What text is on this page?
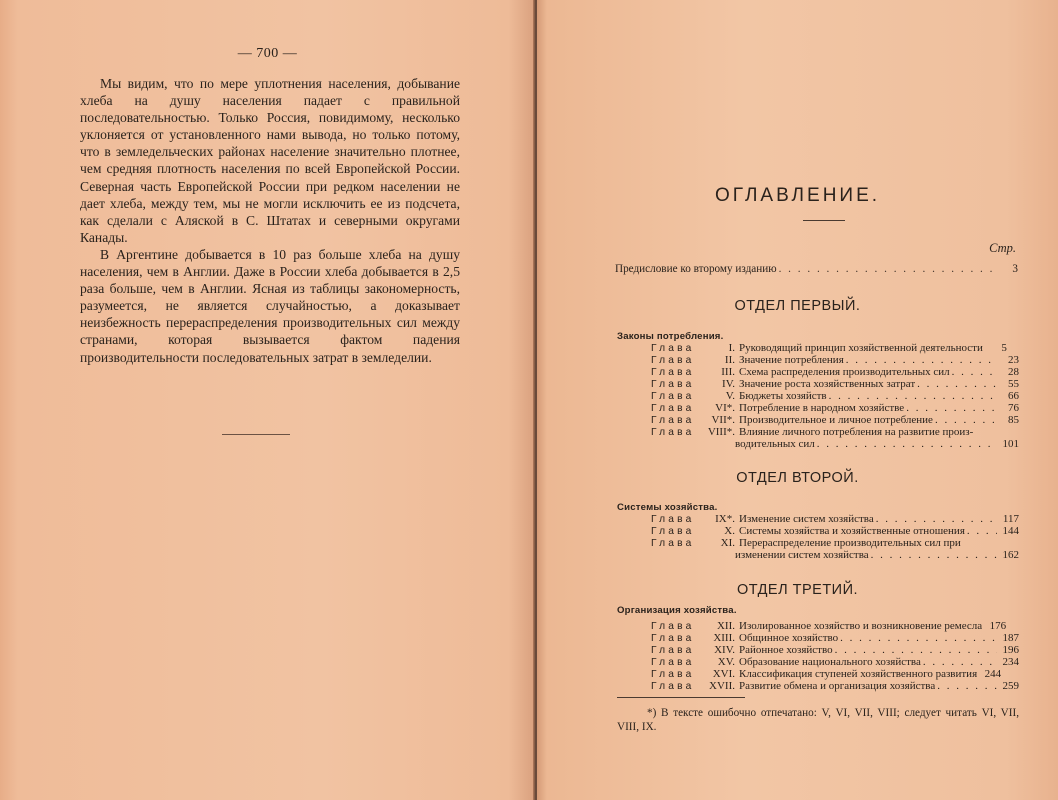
— 700 —

Мы видим, что по мере уплотнения населения, добывание хлеба на душу населения падает с правильной последовательностью. Только Россия, повидимому, несколько уклоняется от установленного нами вывода, но только потому, что в земледельческих районах население значительно плотнее, чем средняя плотность населения по всей Европейской России. Северная часть Европейской России при редком населении не дает хлеба, между тем, мы не могли исключить ее из подсчета, как сделали с Аляской в С. Штатах и северными округами Канады.

В Аргентине добывается в 10 раз больше хлеба на душу населения, чем в Англии. Даже в России хлеба добывается в 2,5 раза больше, чем в Англии. Ясная из таблицы закономерность, разумеется, не является случайностью, а доказывает неизбежность перераспределения производительных сил между странами, которая вызывается фактом падения производительности последовательных затрат в земледелии.

ОГЛАВЛЕНИЕ.
Стр.
Предисловие ко второму изданию . . .	3
ОТДЕЛ ПЕРВЫЙ.
Законы потребления.
Глава	I. Руководящий принцип хозяйственной деятельности	5
Глава	II. Значение потребления . . .	23
Глава	III. Схема распределения производительных сил . . .	28
Глава	IV. Значение роста хозяйственных затрат . . .	55
Глава	V. Бюджеты хозяйств . . .	66
Глава	VI*. Потребление в народном хозяйстве . . .	76
Глава	VII*. Производительное и личное потребление . . .	85
Глава	VIII*. Влияние личного потребления на развитие произ-
водительных сил . . .	101
ОТДЕЛ ВТОРОЙ.
Системы хозяйства.
Глава	IX*. Изменение систем хозяйства . . .	117
Глава	X. Системы хозяйства и хозяйственные отношения . . .	144
Глава	XI. Перераспределение производительных сил при
изменении систем хозяйства . . .	162
ОТДЕЛ ТРЕТИЙ.
Организация хозяйства.
Глава	XII. Изолированное хозяйство и возникновение ремесла 176
Глава	XIII. Общинное хозяйство . . .	187
Глава	XIV. Районное хозяйство . . .	196
Глава	XV. Образование национального хозяйства . . .	234
Глава	XVI. Классификация ступеней хозяйственного развития 244
Глава	XVII. Развитие обмена и организация хозяйства . . .	259
*) В тексте ошибочно отпечатано: V, VI, VII, VIII; следует читать VI, VII, VIII, IX.
